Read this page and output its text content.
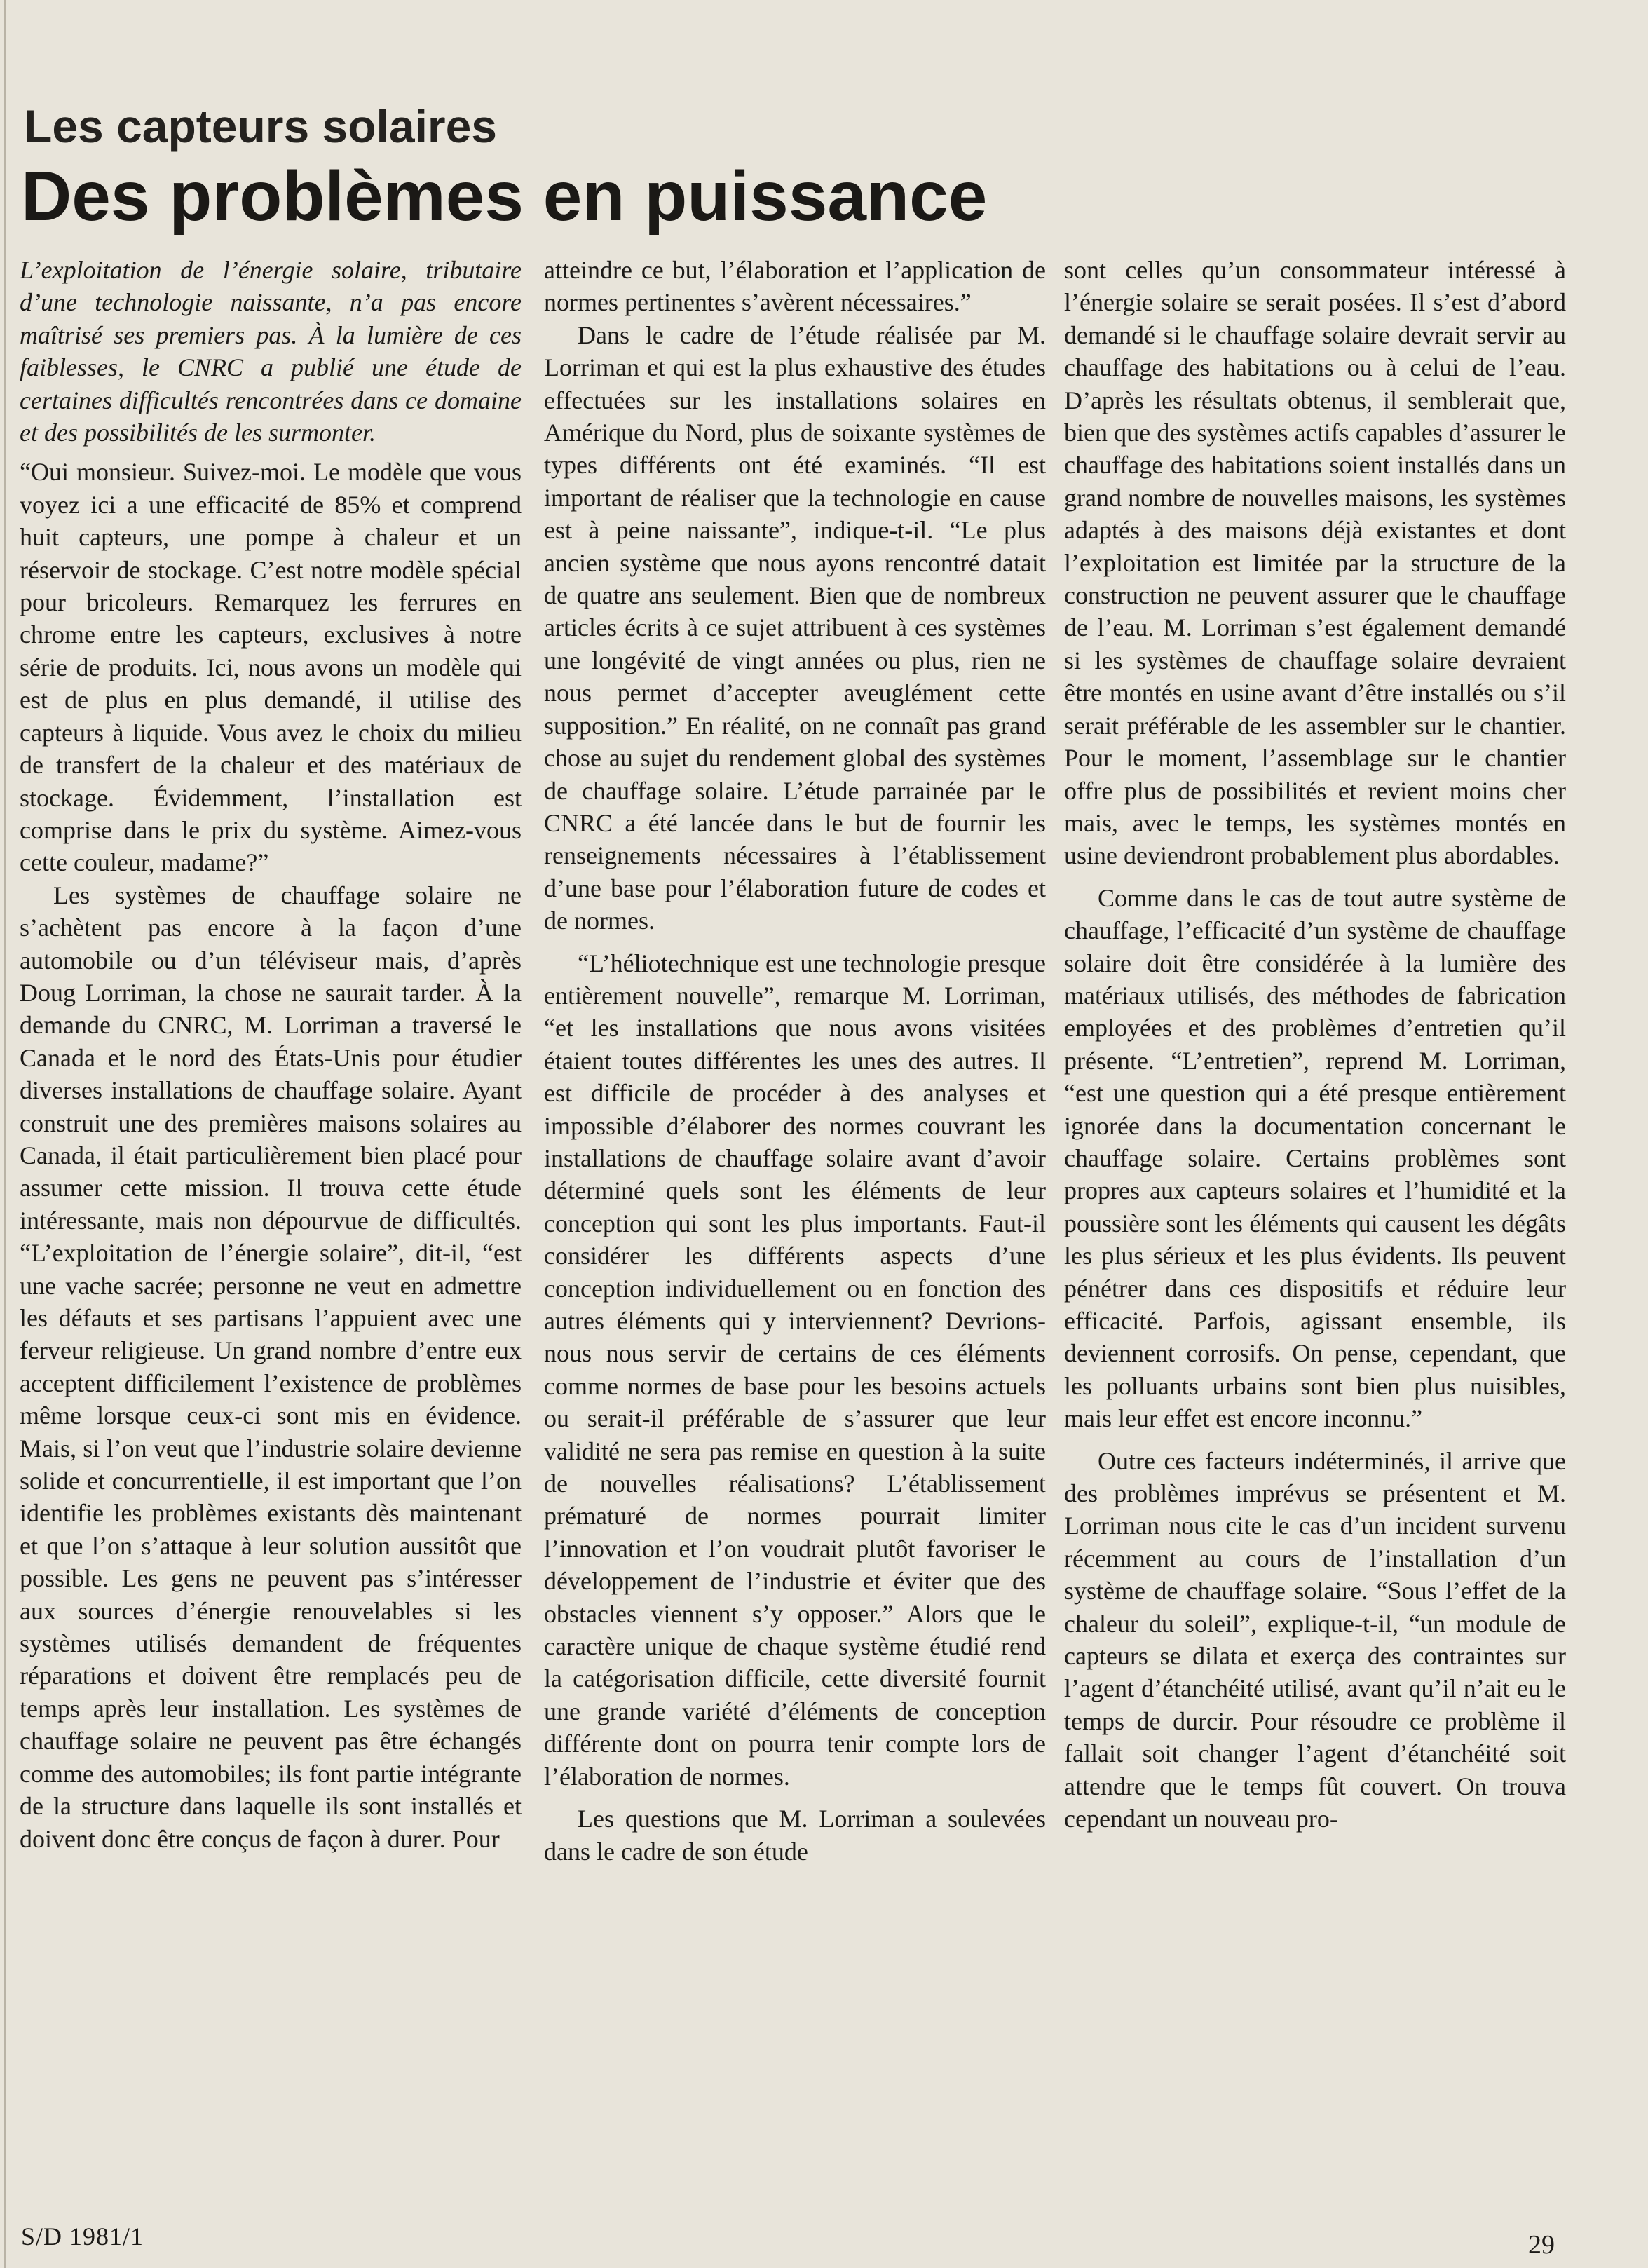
Les capteurs solaires
Des problèmes en puissance

L’exploitation de l’énergie solaire, tributaire d’une technologie naissante, n’a pas encore maîtrisé ses premiers pas. À la lumière de ces faiblesses, le CNRC a publié une étude de certaines difficultés rencontrées dans ce domaine et des possibilités de les surmonter.

“Oui monsieur. Suivez-moi. Le modèle que vous voyez ici a une efficacité de 85% et comprend huit capteurs, une pompe à chaleur et un réservoir de stockage. C’est notre modèle spécial pour bricoleurs. Remarquez les ferrures en chrome entre les capteurs, exclusives à notre série de produits. Ici, nous avons un modèle qui est de plus en plus demandé, il utilise des capteurs à liquide. Vous avez le choix du milieu de transfert de la chaleur et des matériaux de stockage. Évidemment, l’installation est comprise dans le prix du système. Aimez-vous cette couleur, madame?”

Les systèmes de chauffage solaire ne s’achètent pas encore à la façon d’une automobile ou d’un téléviseur mais, d’après Doug Lorriman, la chose ne saurait tarder. À la demande du CNRC, M. Lorriman a traversé le Canada et le nord des États-Unis pour étudier diverses installations de chauffage solaire. Ayant construit une des premières maisons solaires au Canada, il était particulièrement bien placé pour assumer cette mission. Il trouva cette étude intéressante, mais non dépourvue de difficultés. “L’exploitation de l’énergie solaire”, dit-il, “est une vache sacrée; personne ne veut en admettre les défauts et ses partisans l’appuient avec une ferveur religieuse. Un grand nombre d’entre eux acceptent difficilement l’existence de problèmes même lorsque ceux-ci sont mis en évidence. Mais, si l’on veut que l’industrie solaire devienne solide et concurrentielle, il est important que l’on identifie les problèmes existants dès maintenant et que l’on s’attaque à leur solution aussitôt que possible. Les gens ne peuvent pas s’intéresser aux sources d’énergie renouvelables si les systèmes utilisés demandent de fréquentes réparations et doivent être remplacés peu de temps après leur installation. Les systèmes de chauffage solaire ne peuvent pas être échangés comme des automobiles; ils font partie intégrante de la structure dans laquelle ils sont installés et doivent donc être conçus de façon à durer. Pour

atteindre ce but, l’élaboration et l’application de normes pertinentes s’avèrent nécessaires.”

Dans le cadre de l’étude réalisée par M. Lorriman et qui est la plus exhaustive des études effectuées sur les installations solaires en Amérique du Nord, plus de soixante systèmes de types différents ont été examinés. “Il est important de réaliser que la technologie en cause est à peine naissante”, indique-t-il. “Le plus ancien système que nous ayons rencontré datait de quatre ans seulement. Bien que de nombreux articles écrits à ce sujet attribuent à ces systèmes une longévité de vingt années ou plus, rien ne nous permet d’accepter aveuglément cette supposition.” En réalité, on ne connaît pas grand chose au sujet du rendement global des systèmes de chauffage solaire. L’étude parrainée par le CNRC a été lancée dans le but de fournir les renseignements nécessaires à l’établissement d’une base pour l’élaboration future de codes et de normes.

“L’héliotechnique est une technologie presque entièrement nouvelle”, remarque M. Lorriman, “et les installations que nous avons visitées étaient toutes différentes les unes des autres. Il est difficile de procéder à des analyses et impossible d’élaborer des normes couvrant les installations de chauffage solaire avant d’avoir déterminé quels sont les éléments de leur conception qui sont les plus importants. Faut-il considérer les différents aspects d’une conception individuellement ou en fonction des autres éléments qui y interviennent? Devrions-nous nous servir de certains de ces éléments comme normes de base pour les besoins actuels ou serait-il préférable de s’assurer que leur validité ne sera pas remise en question à la suite de nouvelles réalisations? L’établissement prématuré de normes pourrait limiter l’innovation et l’on voudrait plutôt favoriser le développement de l’industrie et éviter que des obstacles viennent s’y opposer.” Alors que le caractère unique de chaque système étudié rend la catégorisation difficile, cette diversité fournit une grande variété d’éléments de conception différente dont on pourra tenir compte lors de l’élaboration de normes.

Les questions que M. Lorriman a soulevées dans le cadre de son étude

sont celles qu’un consommateur intéressé à l’énergie solaire se serait posées. Il s’est d’abord demandé si le chauffage solaire devrait servir au chauffage des habitations ou à celui de l’eau. D’après les résultats obtenus, il semblerait que, bien que des systèmes actifs capables d’assurer le chauffage des habitations soient installés dans un grand nombre de nouvelles maisons, les systèmes adaptés à des maisons déjà existantes et dont l’exploitation est limitée par la structure de la construction ne peuvent assurer que le chauffage de l’eau. M. Lorriman s’est également demandé si les systèmes de chauffage solaire devraient être montés en usine avant d’être installés ou s’il serait préférable de les assembler sur le chantier. Pour le moment, l’assemblage sur le chantier offre plus de possibilités et revient moins cher mais, avec le temps, les systèmes montés en usine deviendront probablement plus abordables.

Comme dans le cas de tout autre système de chauffage, l’efficacité d’un système de chauffage solaire doit être considérée à la lumière des matériaux utilisés, des méthodes de fabrication employées et des problèmes d’entretien qu’il présente. “L’entretien”, reprend M. Lorriman, “est une question qui a été presque entièrement ignorée dans la documentation concernant le chauffage solaire. Certains problèmes sont propres aux capteurs solaires et l’humidité et la poussière sont les éléments qui causent les dégâts les plus sérieux et les plus évidents. Ils peuvent pénétrer dans ces dispositifs et réduire leur efficacité. Parfois, agissant ensemble, ils deviennent corrosifs. On pense, cependant, que les polluants urbains sont bien plus nuisibles, mais leur effet est encore inconnu.”

Outre ces facteurs indéterminés, il arrive que des problèmes imprévus se présentent et M. Lorriman nous cite le cas d’un incident survenu récemment au cours de l’installation d’un système de chauffage solaire. “Sous l’effet de la chaleur du soleil”, explique-t-il, “un module de capteurs se dilata et exerça des contraintes sur l’agent d’étanchéité utilisé, avant qu’il n’ait eu le temps de durcir. Pour résoudre ce problème il fallait soit changer l’agent d’étanchéité soit attendre que le temps fût couvert. On trouva cependant un nouveau pro-

S/D 1981/1	29
